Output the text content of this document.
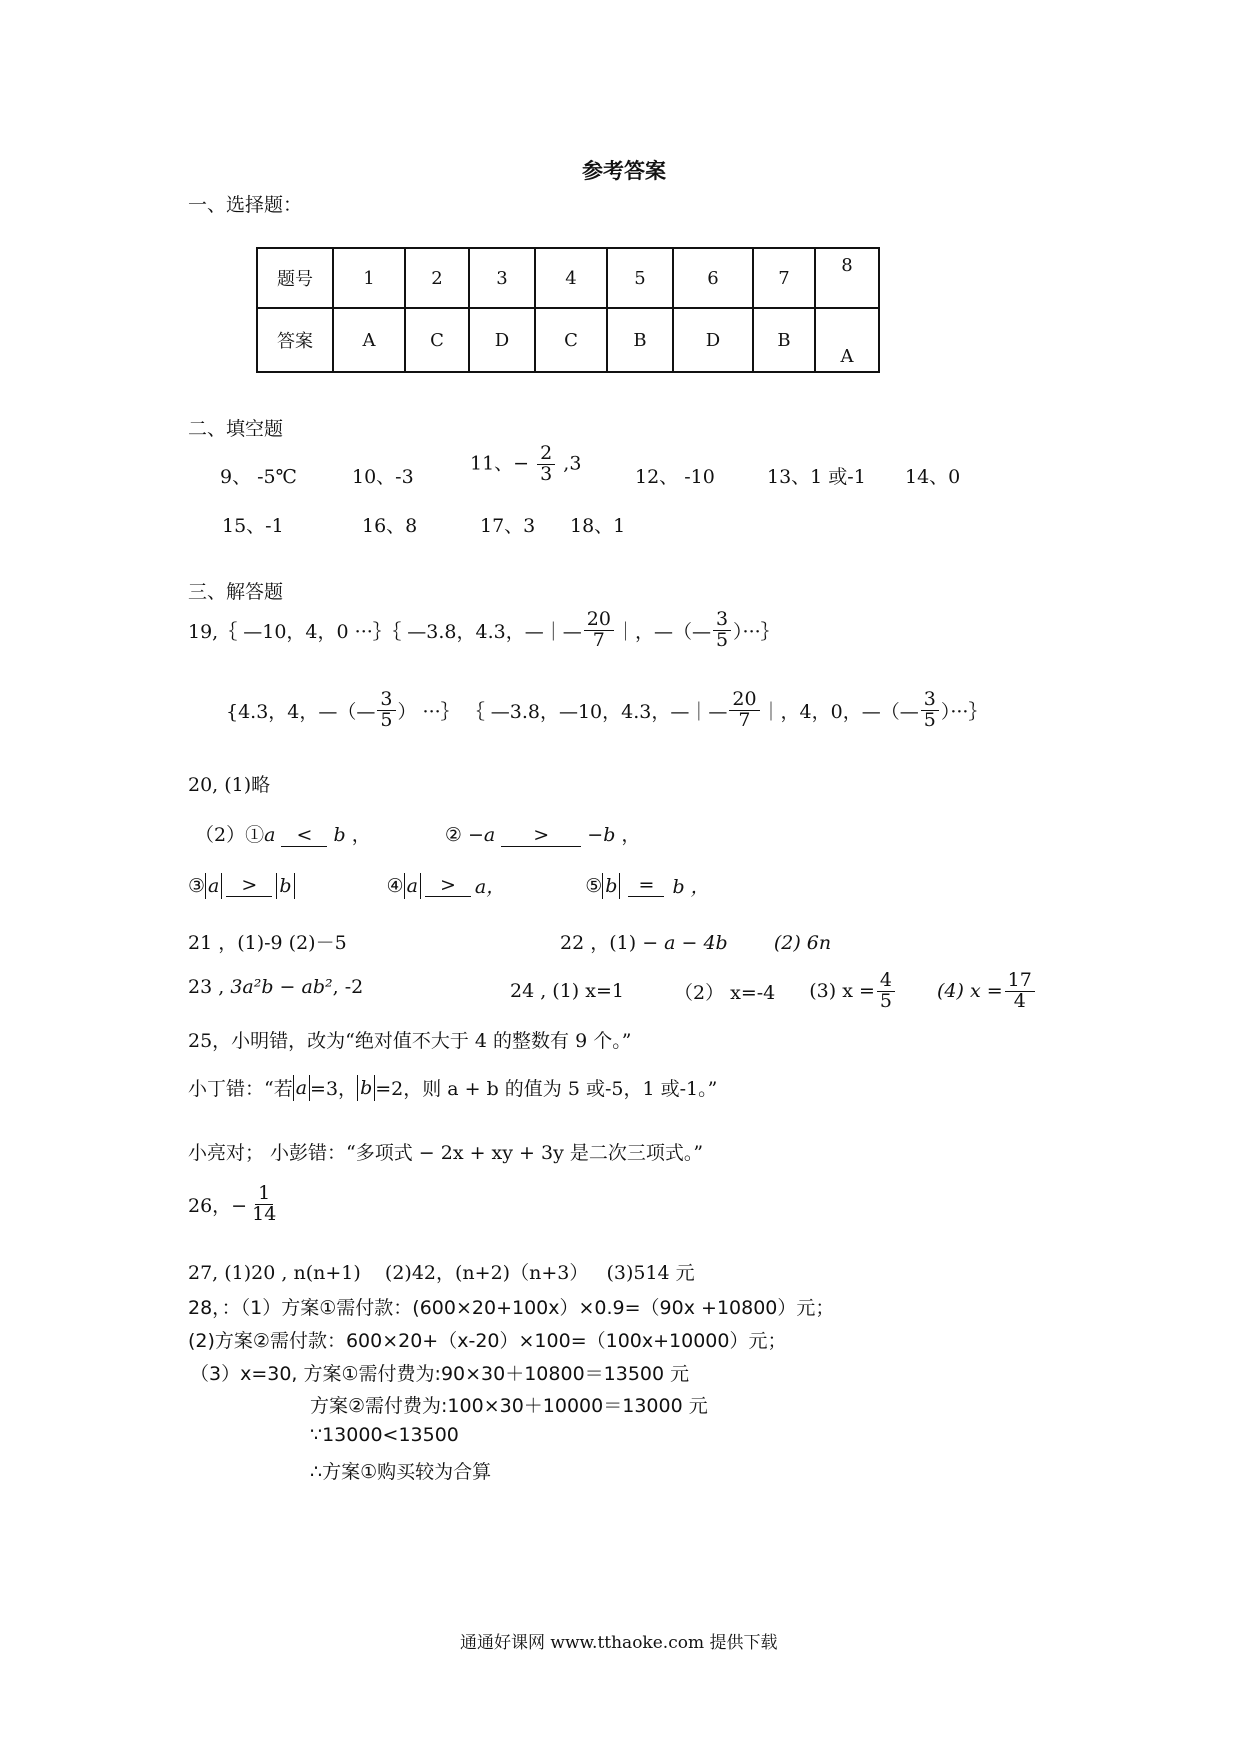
参考答案
一、选择题：
题号	1	2	3	4	5	6	7	8
答案	A	C	D	C	B	D	B	A
二、填空题
9、 -5℃	10、-3
11、− $\frac{2}{3} ,3$
12、 -10	13、1 或-1 14、0
15、-1	16、8	17、3 18、1
三、解答题
19,｛ —10，4，0 ···｝｛ —3.8，4.3，—｜— $\frac{20}{7}$ ｜，—（— $\frac{3}{5}$ ）···｝
{4.3，4，—（— $\frac{3}{5}$ ） ···｝ ｛ —3.8，—10，4.3，—｜— $\frac{20}{7}$ ｜，4，0，—（— $\frac{3}{5}$ ）···｝
20, (1)略
（2）①a < b ，	② −a > −b ，
③ a	>	b	④ a	>	a，	⑤ b	= b ，
21 ，(1)-9 (2)－5	22 ，(1) − a − 4b (2) 6n
23 , 3a²b − ab², -2	24 , (1) x=1	（2） x=-4 (3) $x = \frac{4}{5} (4) x = \frac{17}{4}$
25，小明错，改为“绝对值不大于 4 的整数有 9 个。”
小丁错：“若 a =3， b =2，则 a + b 的值为 5 或-5，1 或-1。”
小亮对； 小彭错：“多项式 − 2x + xy + 3y 是二次三项式。”
26，− $\frac{1}{14}$
27, (1)20 , n(n+1)    (2)42，(n+2)（n+3）   (3)514 元
28，：（1）方案①需付款：(600×20+100x）×0.9=（90x +10800）元；
(2)方案②需付款：600×20+（x-20）×100=（100x+10000）元；
（3）x=30, 方案①需付费为:90×30＋10800＝13500 元
方案②需付费为:100×30＋10000＝13000 元
∵13000<13500
∴方案①购买较为合算
通通好课网 www.tthaoke.com 提供下载
